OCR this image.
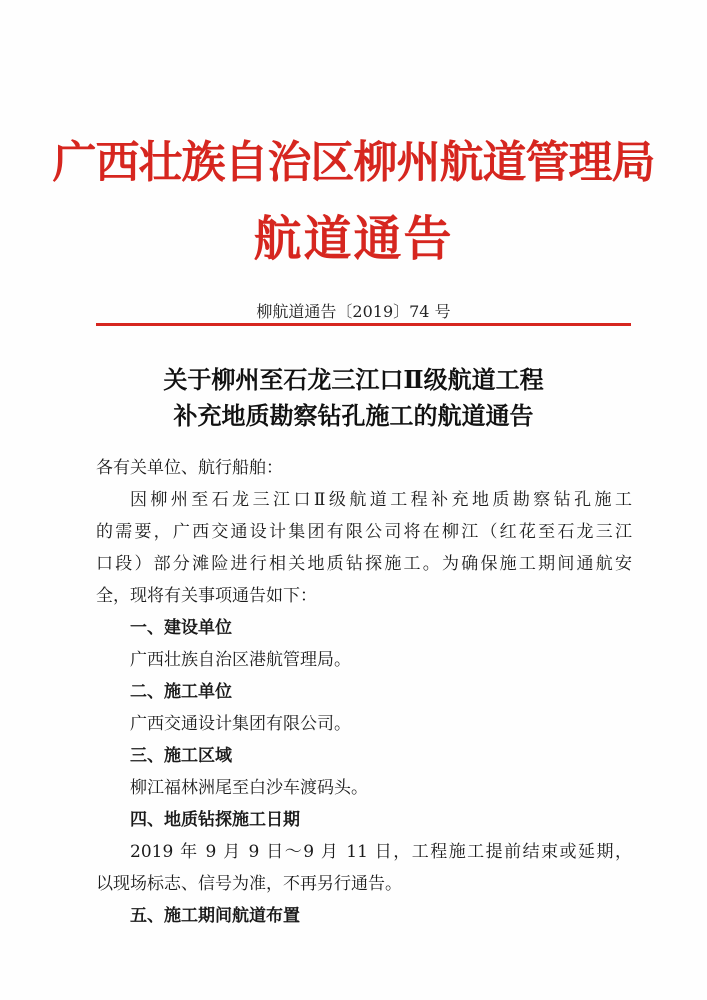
广西壮族自治区柳州航道管理局
航道通告
柳航道通告〔2019〕74 号
关于柳州至石龙三江口Ⅱ级航道工程
补充地质勘察钻孔施工的航道通告
各有关单位、航行船舶：
因柳州至石龙三江口Ⅱ级航道工程补充地质勘察钻孔施工
的需要，广西交通设计集团有限公司将在柳江（红花至石龙三江
口段）部分滩险进行相关地质钻探施工。为确保施工期间通航安
全，现将有关事项通告如下：
一、建设单位
广西壮族自治区港航管理局。
二、施工单位
广西交通设计集团有限公司。
三、施工区域
柳江福林洲尾至白沙车渡码头。
四、地质钻探施工日期
2019 年 9 月 9 日～9 月 11 日，工程施工提前结束或延期，
以现场标志、信号为准，不再另行通告。
五、施工期间航道布置
